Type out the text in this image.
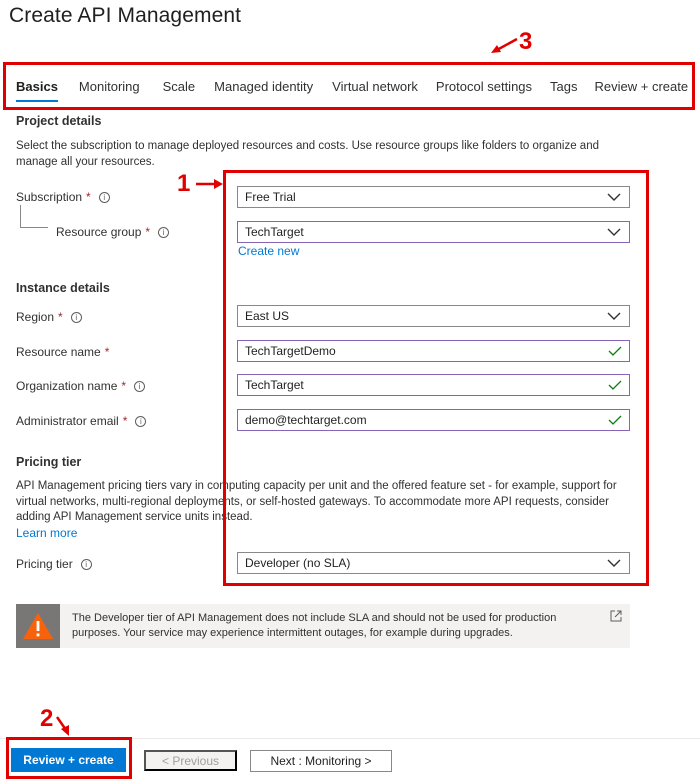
Create API Management
Basics	Monitoring	Scale	Managed identity	Virtual network	Protocol settings	Tags	Review + create
Project details
Select the subscription to manage deployed resources and costs. Use resource groups like folders to organize and manage all your resources.
Subscription *	i	Free Trial
Resource group *	i	TechTarget
Create new
Instance details
Region *	i	East US
Resource name *	TechTargetDemo
Organization name *	i	TechTarget
Administrator email *	i	demo@techtarget.com
Pricing tier
API Management pricing tiers vary in computing capacity per unit and the offered feature set - for example, support for virtual networks, multi-regional deployments, or self-hosted gateways. To accommodate more API requests, consider adding API Management service units instead.
Learn more
Pricing tier	i	Developer (no SLA)
The Developer tier of API Management does not include SLA and should not be used for production purposes. Your service may experience intermittent outages, for example during upgrades.
Review + create	< Previous	Next : Monitoring >
3
1
2
